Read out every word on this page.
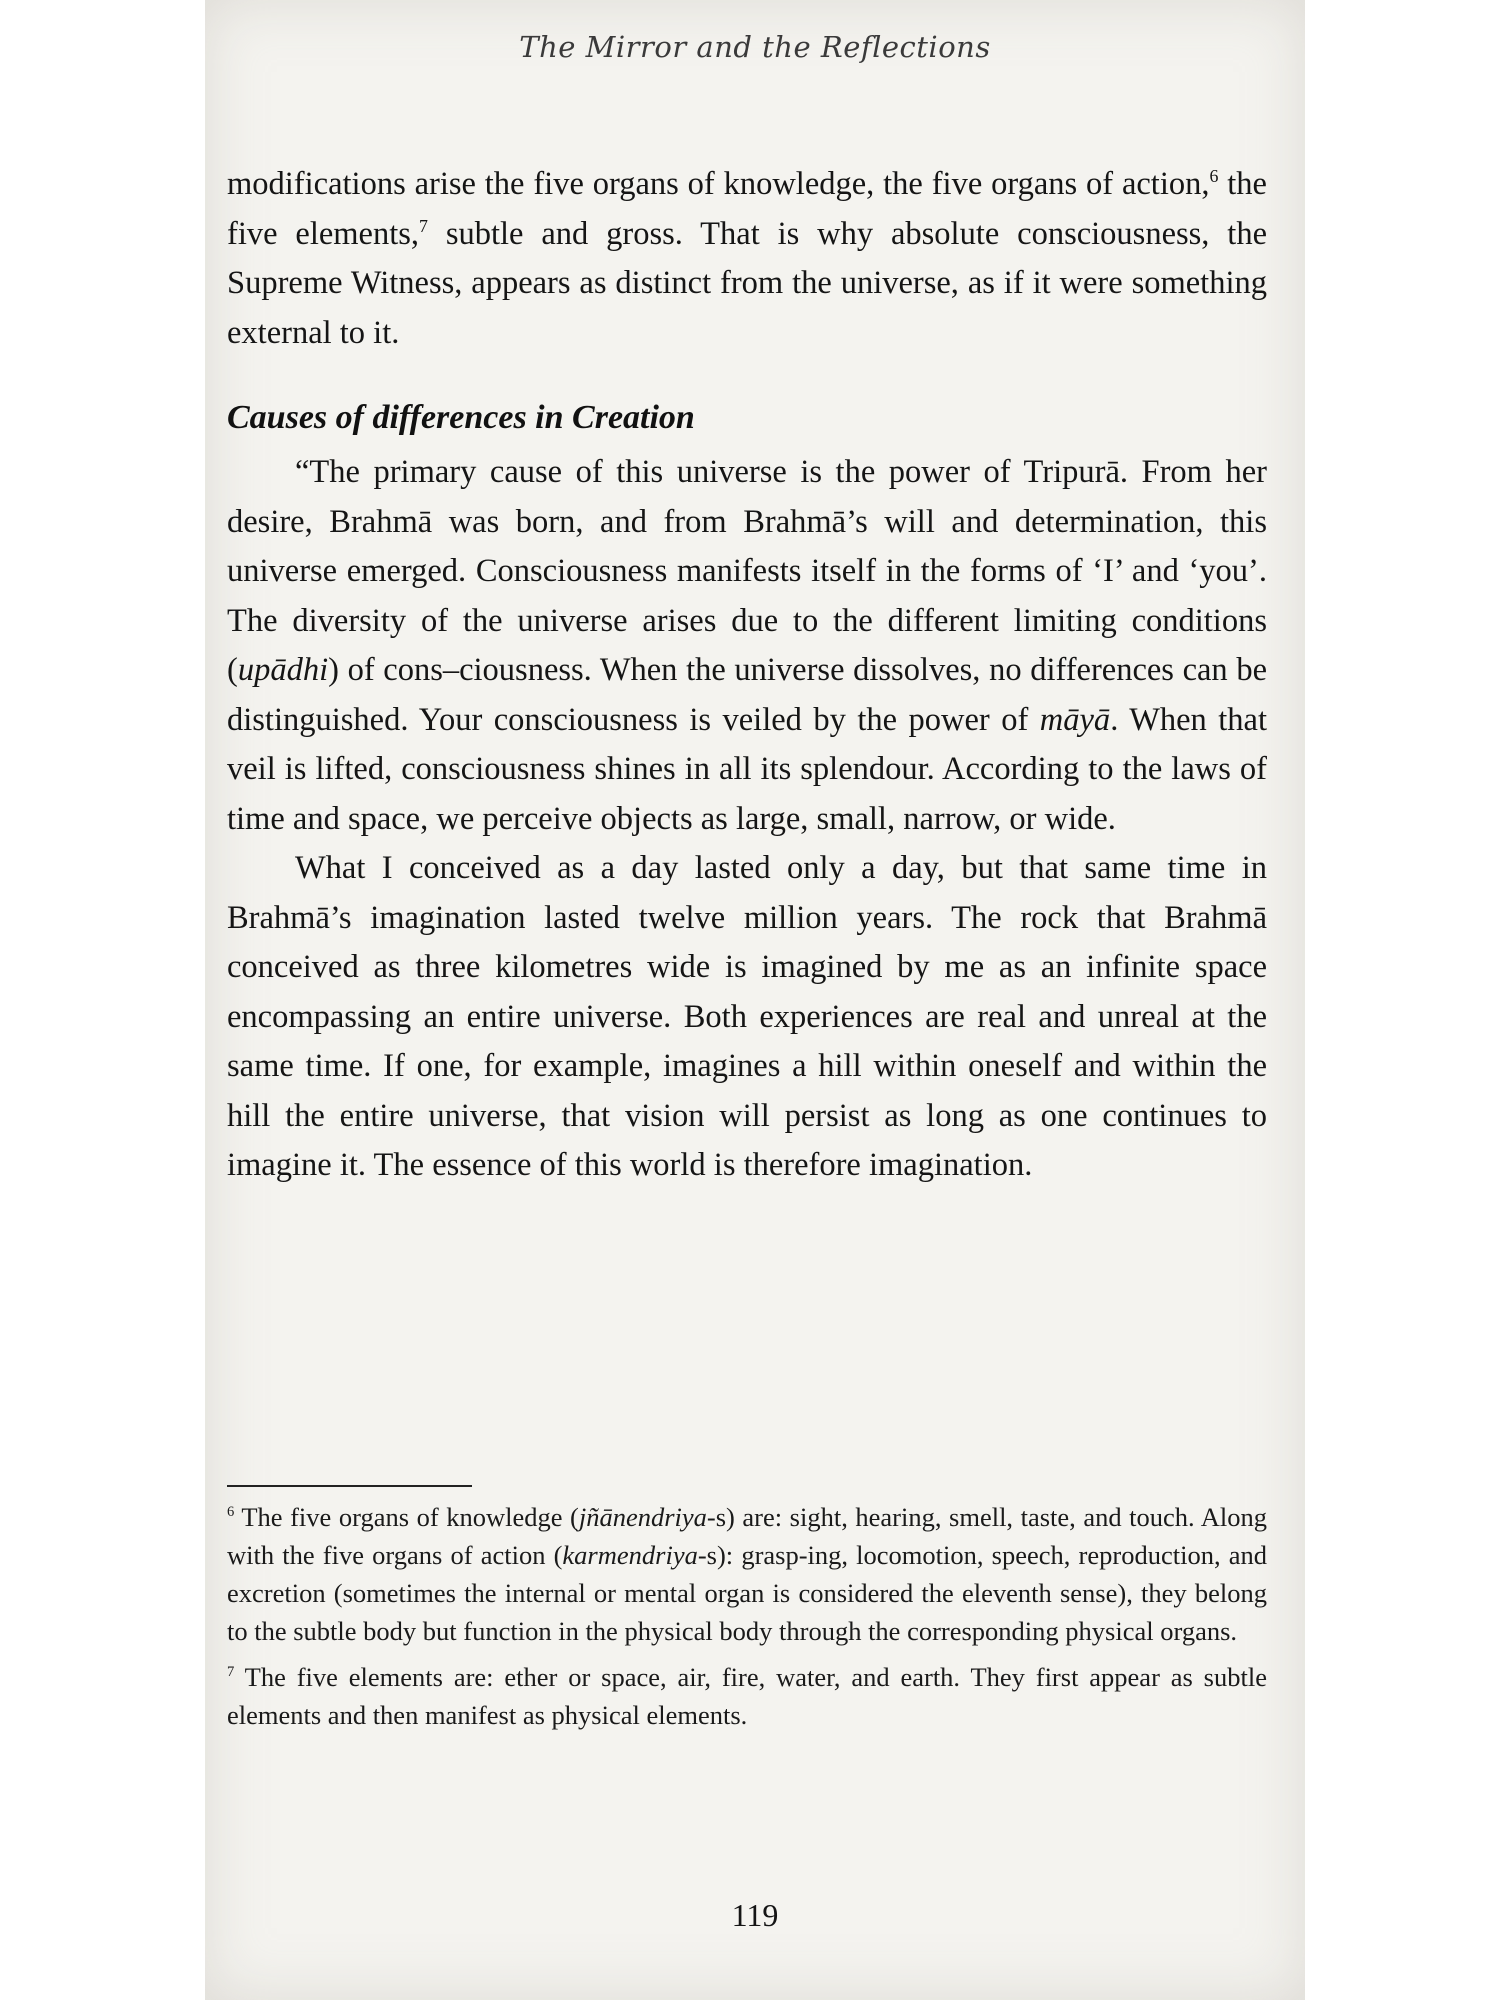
The Mirror and the Reflections

modifications arise the five organs of knowledge, the five organs of action,$^6$ the five elements,$^7$ subtle and gross. That is why absolute consciousness, the Supreme Witness, appears as distinct from the universe, as if it were something external to it.

Causes of differences in Creation

“The primary cause of this universe is the power of Tripurā. From her desire, Brahmā was born, and from Brahmā’s will and determination, this universe emerged. Consciousness manifests itself in the forms of ‘I’ and ‘you’. The diversity of the universe arises due to the different limiting conditions (upādhi) of cons–ciousness. When the universe dissolves, no differences can be distinguished. Your consciousness is veiled by the power of māyā. When that veil is lifted, consciousness shines in all its splendour. According to the laws of time and space, we perceive objects as large, small, narrow, or wide.

What I conceived as a day lasted only a day, but that same time in Brahmā’s imagination lasted twelve million years. The rock that Brahmā conceived as three kilometres wide is imagined by me as an infinite space encompassing an entire universe. Both experiences are real and unreal at the same time. If one, for example, imagines a hill within oneself and within the hill the entire universe, that vision will persist as long as one continues to imagine it. The essence of this world is therefore imagination.

$^6$ The five organs of knowledge (jñānendriya-s) are: sight, hearing, smell, taste, and touch. Along with the five organs of action (karmendriya-s): grasp-ing, locomotion, speech, reproduction, and excretion (sometimes the internal or mental organ is considered the eleventh sense), they belong to the subtle body but function in the physical body through the corresponding physical organs.

$^7$ The five elements are: ether or space, air, fire, water, and earth. They first appear as subtle elements and then manifest as physical elements.

119
